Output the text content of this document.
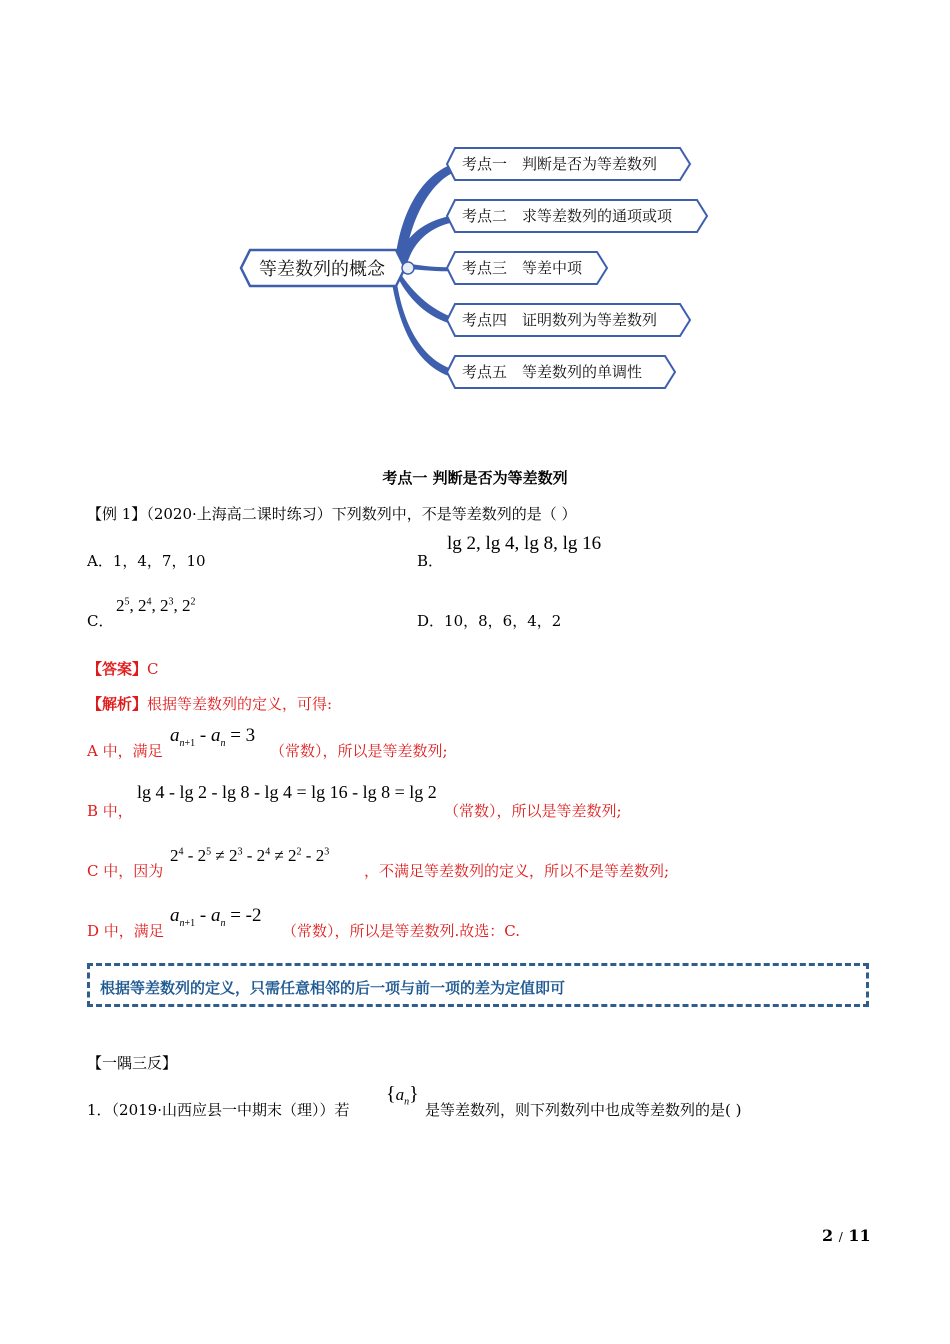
等差数列的概念
考点一　判断是否为等差数列
考点二　求等差数列的通项或项
考点三　等差中项
考点四　证明数列为等差数列
考点五　等差数列的单调性
考点一 判断是否为等差数列
【例 1】（2020·上海高二课时练习）下列数列中，不是等差数列的是（ ）
A．1，4，7，10	B．
lg 2, lg 4, lg 8, lg 16
C．
$2^5$, $2^4$, $2^3$, $2^2$
D．10，8，6，4，2
【答案】C
【解析】根据等差数列的定义，可得:
A 中，满足
$a_{n+1} - a_n = 3$
（常数），所以是等差数列;
B 中，
lg 4 - lg 2 - lg 8 - lg 4 = lg 16 - lg 8 = lg 2
（常数），所以是等差数列;
C 中，因为
$2^4 - 2^5 \ne 2^3 - 2^4 \ne 2^2 - 2^3$
，不满足等差数列的定义，所以不是等差数列;
D 中，满足
$a_{n+1} - a_n = -2$
（常数），所以是等差数列.故选：C.
根据等差数列的定义，只需任意相邻的后一项与前一项的差为定值即可
【一隅三反】
1．（2019·山西应县一中期末（理））若
$\{a_n\}$
是等差数列，则下列数列中也成等差数列的是( )
2 / 11
